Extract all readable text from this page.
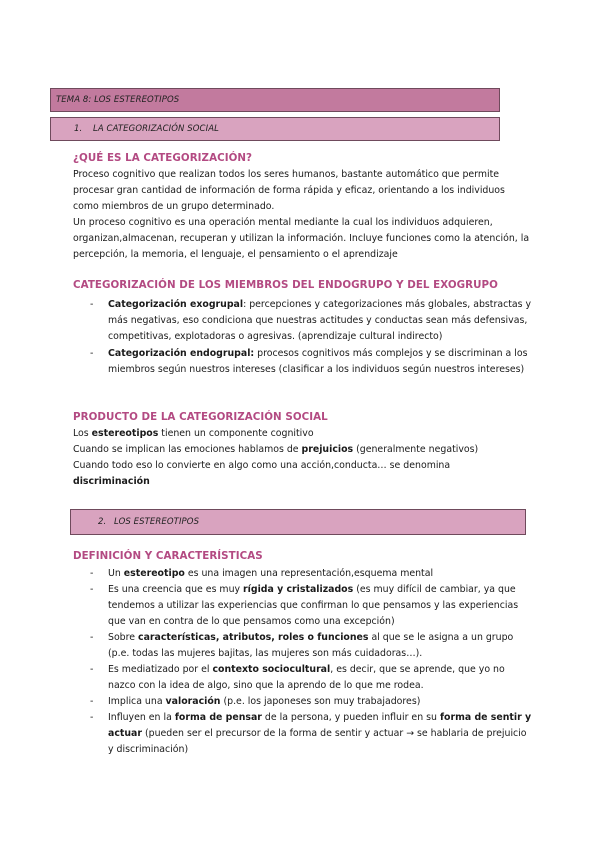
TEMA 8: LOS ESTEREOTIPOS
1. LA CATEGORIZACIÓN SOCIAL
¿QUÉ ES LA CATEGORIZACIÓN?

Proceso cognitivo que realizan todos los seres humanos, bastante automático que permite procesar gran cantidad de información de forma rápida y eficaz, orientando a los individuos como miembros de un grupo determinado.

Un proceso cognitivo es una operación mental mediante la cual los individuos adquieren, organizan,almacenan, recuperan y utilizan la información. Incluye funciones como la atención, la percepción, la memoria, el lenguaje, el pensamiento o el aprendizaje

CATEGORIZACIÓN DE LOS MIEMBROS DEL ENDOGRUPO Y DEL EXOGRUPO
- Categorización exogrupal: percepciones y categorizaciones más globales, abstractas y más negativas, eso condiciona que nuestras actitudes y conductas sean más defensivas, competitivas, explotadoras o agresivas. (aprendizaje cultural indirecto)
- Categorización endogrupal: procesos cognitivos más complejos y se discriminan a los miembros según nuestros intereses (clasificar a los individuos según nuestros intereses)
PRODUCTO DE LA CATEGORIZACIÓN SOCIAL

Los estereotipos tienen un componente cognitivo

Cuando se implican las emociones hablamos de prejuicios (generalmente negativos)

Cuando todo eso lo convierte en algo como una acción,conducta… se denomina discriminación

2. LOS ESTEREOTIPOS
DEFINICIÓN Y CARACTERÍSTICAS
- Un estereotipo es una imagen una representación,esquema mental
- Es una creencia que es muy rígida y cristalizados (es muy difícil de cambiar, ya que tendemos a utilizar las experiencias que confirman lo que pensamos y las experiencias que van en contra de lo que pensamos como una excepción)
- Sobre características, atributos, roles o funciones al que se le asigna a un grupo (p.e. todas las mujeres bajitas, las mujeres son más cuidadoras…).
- Es mediatizado por el contexto sociocultural, es decir, que se aprende, que yo no nazco con la idea de algo, sino que la aprendo de lo que me rodea.
- Implica una valoración (p.e. los japoneses son muy trabajadores)
- Influyen en la forma de pensar de la persona, y pueden influir en su forma de sentir y actuar (pueden ser el precursor de la forma de sentir y actuar → se hablaria de prejuicio y discriminación)
